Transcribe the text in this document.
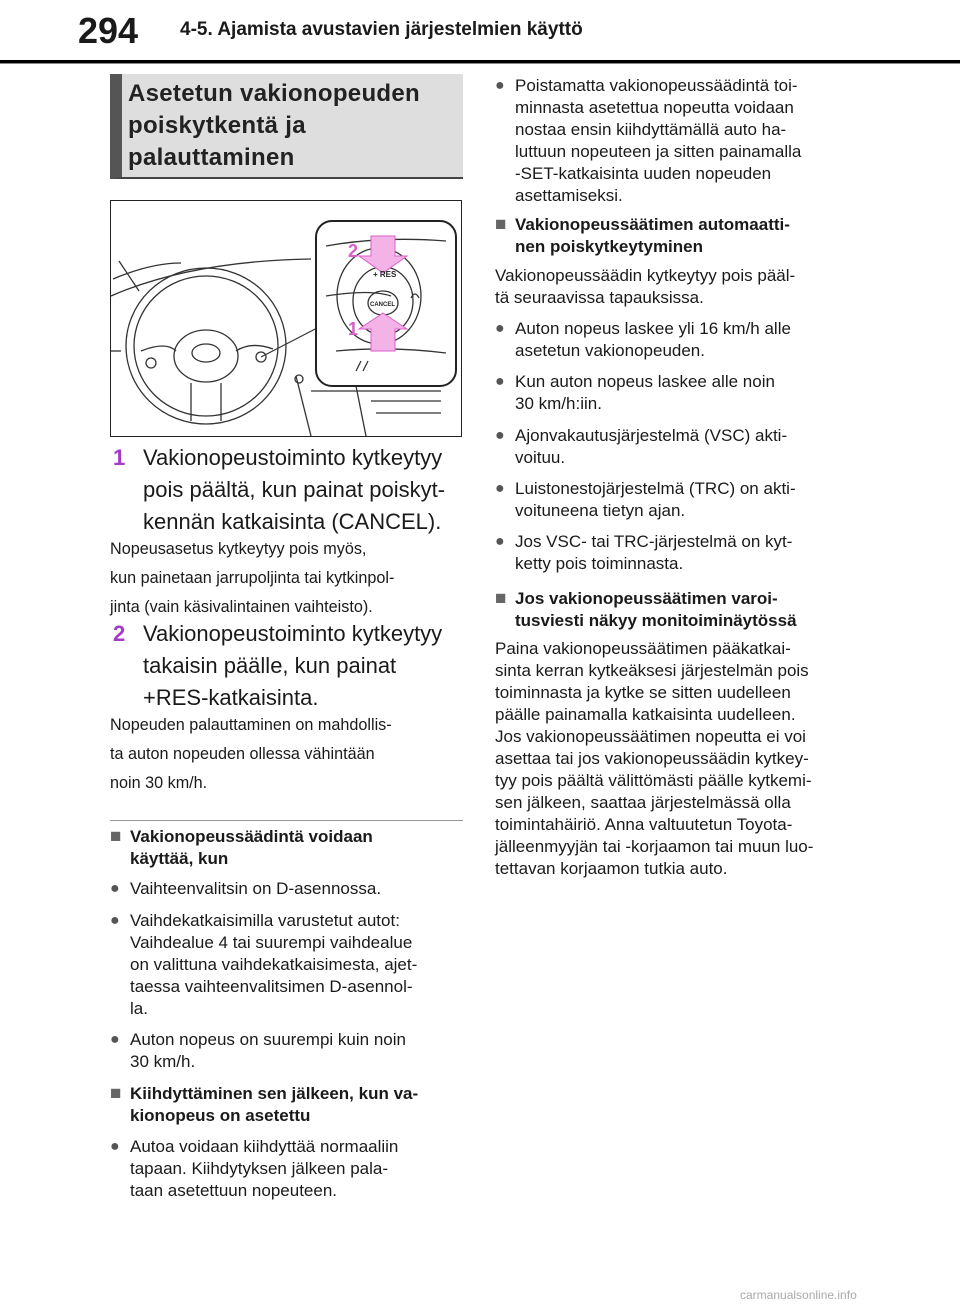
294 4-5. Ajamista avustavien järjestelmien käyttö
Asetetun vakionopeuden
poiskytkentä ja
palauttaminen
+ RES
CANCEL
2
1
1 Vakionopeustoiminto kytkeytyy
pois päältä, kun painat poiskyt-
kennän katkaisinta (CANCEL).
Nopeusasetus kytkeytyy pois myös,
kun painetaan jarrupoljinta tai kytkinpol-
jinta (vain käsivalintainen vaihteisto).
2 Vakionopeustoiminto kytkeytyy
takaisin päälle, kun painat
+RES-katkaisinta.
Nopeuden palauttaminen on mahdollis-
ta auton nopeuden ollessa vähintään
noin 30 km/h.
■ Vakionopeussäädintä voidaan
käyttää, kun
● Vaihteenvalitsin on D-asennossa.
● Vaihdekatkaisimilla varustetut autot:
Vaihdealue 4 tai suurempi vaihdealue
on valittuna vaihdekatkaisimesta, ajet-
taessa vaihteenvalitsimen D-asennol-
la.
● Auton nopeus on suurempi kuin noin
30 km/h.
■ Kiihdyttäminen sen jälkeen, kun va-
kionopeus on asetettu
● Autoa voidaan kiihdyttää normaaliin
tapaan. Kiihdytyksen jälkeen pala-
taan asetettuun nopeuteen.
● Poistamatta vakionopeussäädintä toi-
minnasta asetettua nopeutta voidaan
nostaa ensin kiihdyttämällä auto ha-
luttuun nopeuteen ja sitten painamalla
-SET-katkaisinta uuden nopeuden
asettamiseksi.
■ Vakionopeussäätimen automaatti-
nen poiskytkeytyminen
Vakionopeussäädin kytkeytyy pois pääl-
tä seuraavissa tapauksissa.
● Auton nopeus laskee yli 16 km/h alle
asetetun vakionopeuden.
● Kun auton nopeus laskee alle noin
30 km/h:iin.
● Ajonvakautusjärjestelmä (VSC) akti-
voituu.
● Luistonestojärjestelmä (TRC) on akti-
voituneena tietyn ajan.
● Jos VSC- tai TRC-järjestelmä on kyt-
ketty pois toiminnasta.
■ Jos vakionopeussäätimen varoi-
tusviesti näkyy monitoiminäytössä
Paina vakionopeussäätimen pääkatkai-
sinta kerran kytkeäksesi järjestelmän pois
toiminnasta ja kytke se sitten uudelleen
päälle painamalla katkaisinta uudelleen.
Jos vakionopeussäätimen nopeutta ei voi
asettaa tai jos vakionopeussäädin kytkey-
tyy pois päältä välittömästi päälle kytkemi-
sen jälkeen, saattaa järjestelmässä olla
toimintahäiriö. Anna valtuutetun Toyota-
jälleenmyyjän tai -korjaamon tai muun luo-
tettavan korjaamon tutkia auto.
carmanualsonline.info
